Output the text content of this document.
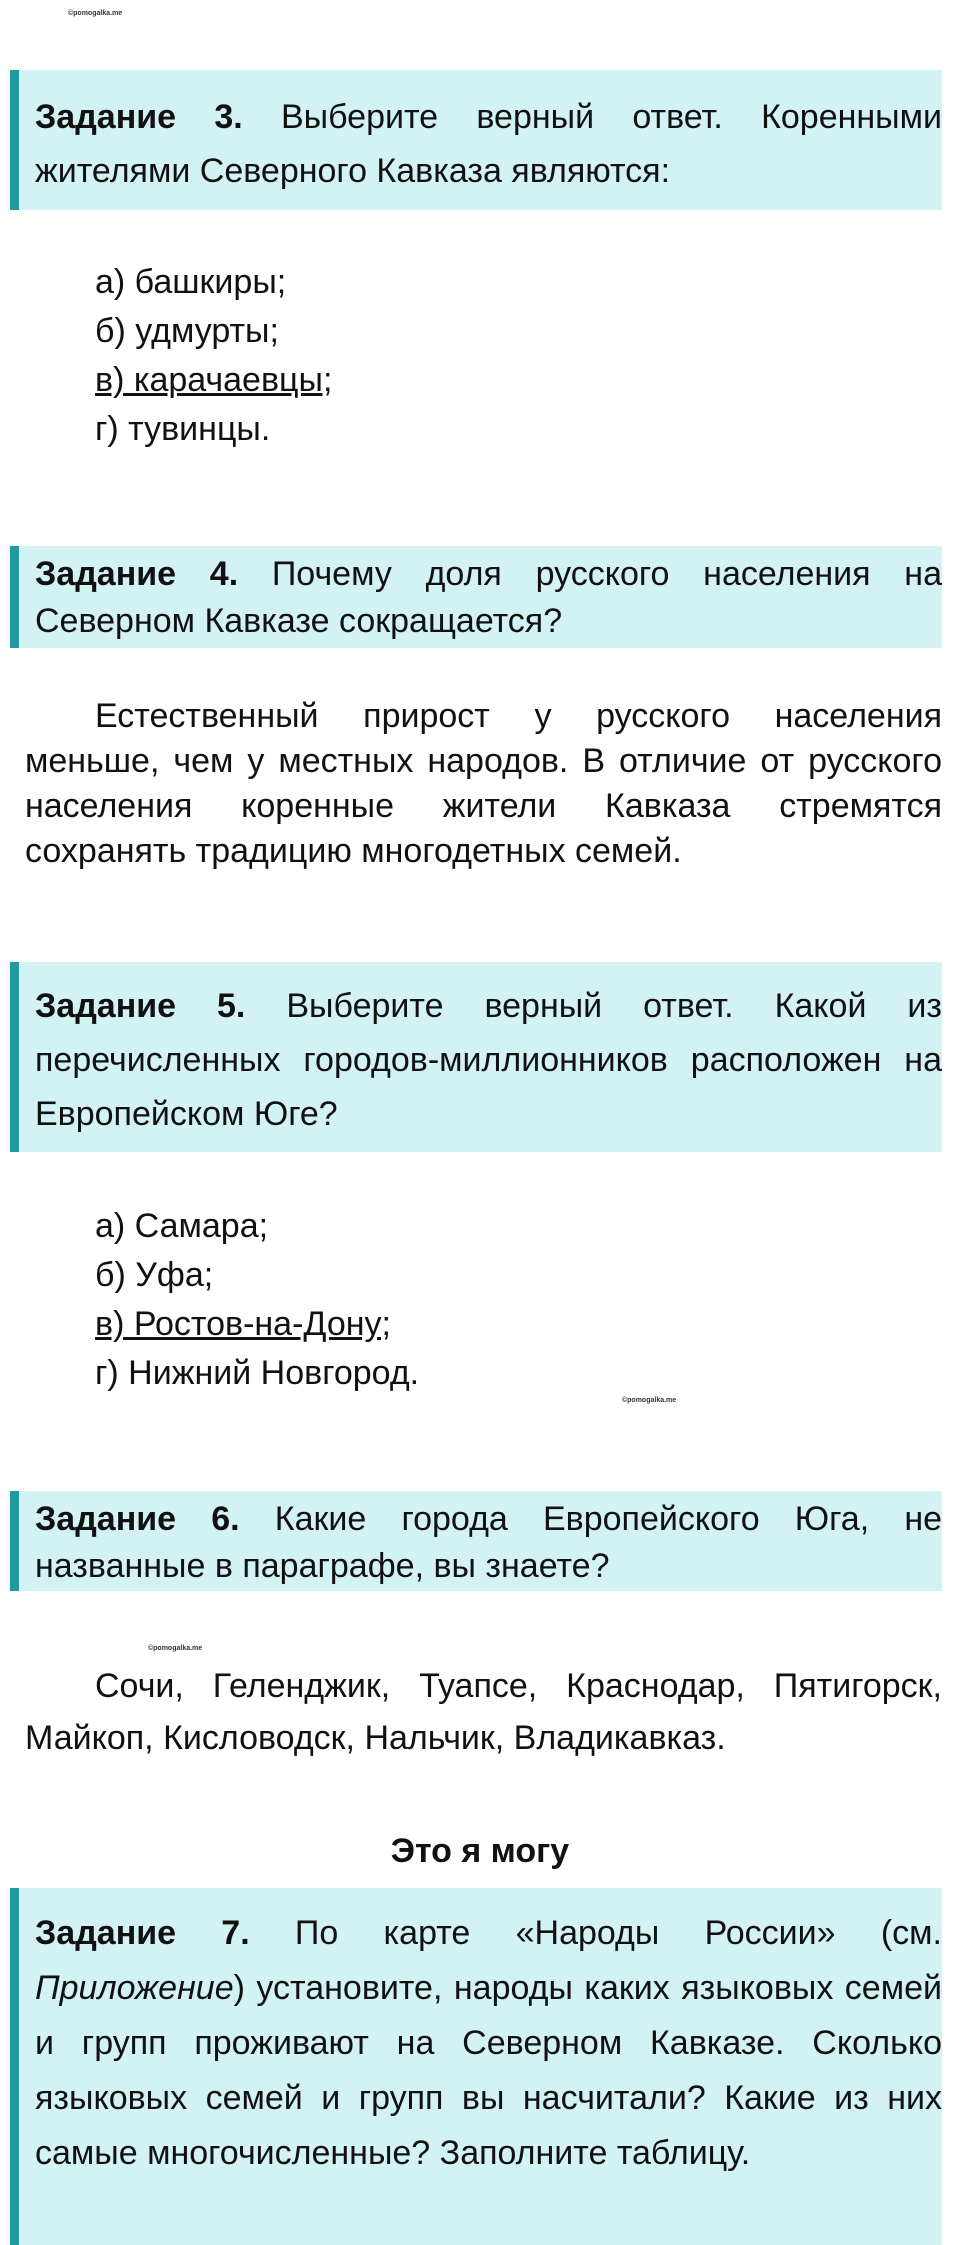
©pomogalka.me
©pomogalka.me
©pomogalka.me

Задание 3. Выберите верный ответ. Коренными жителями Северного Кавказа являются:

а) башкиры;
б) удмурты;
в) карачаевцы;
г) тувинцы.

Задание 4. Почему доля русского населения на Северном Кавказе сокращается?

Естественный прирост у русского населения меньше, чем у местных народов. В отличие от русского населения коренные жители Кавказа стремятся сохранять традицию многодетных семей.

Задание 5. Выберите верный ответ. Какой из перечисленных городов-миллионников расположен на Европейском Юге?

а) Самара;
б) Уфа;
в) Ростов-на-Дону;
г) Нижний Новгород.

Задание 6. Какие города Европейского Юга, не названные в параграфе, вы знаете?

Сочи, Геленджик, Туапсе, Краснодар, Пятигорск, Майкоп, Кисловодск, Нальчик, Владикавказ.

Это я могу

Задание 7. По карте «Народы России» (см. Приложение) установите, народы каких языковых семей и групп проживают на Северном Кавказе. Сколько языковых семей и групп вы насчитали? Какие из них самые многочисленные? Заполните таблицу.
